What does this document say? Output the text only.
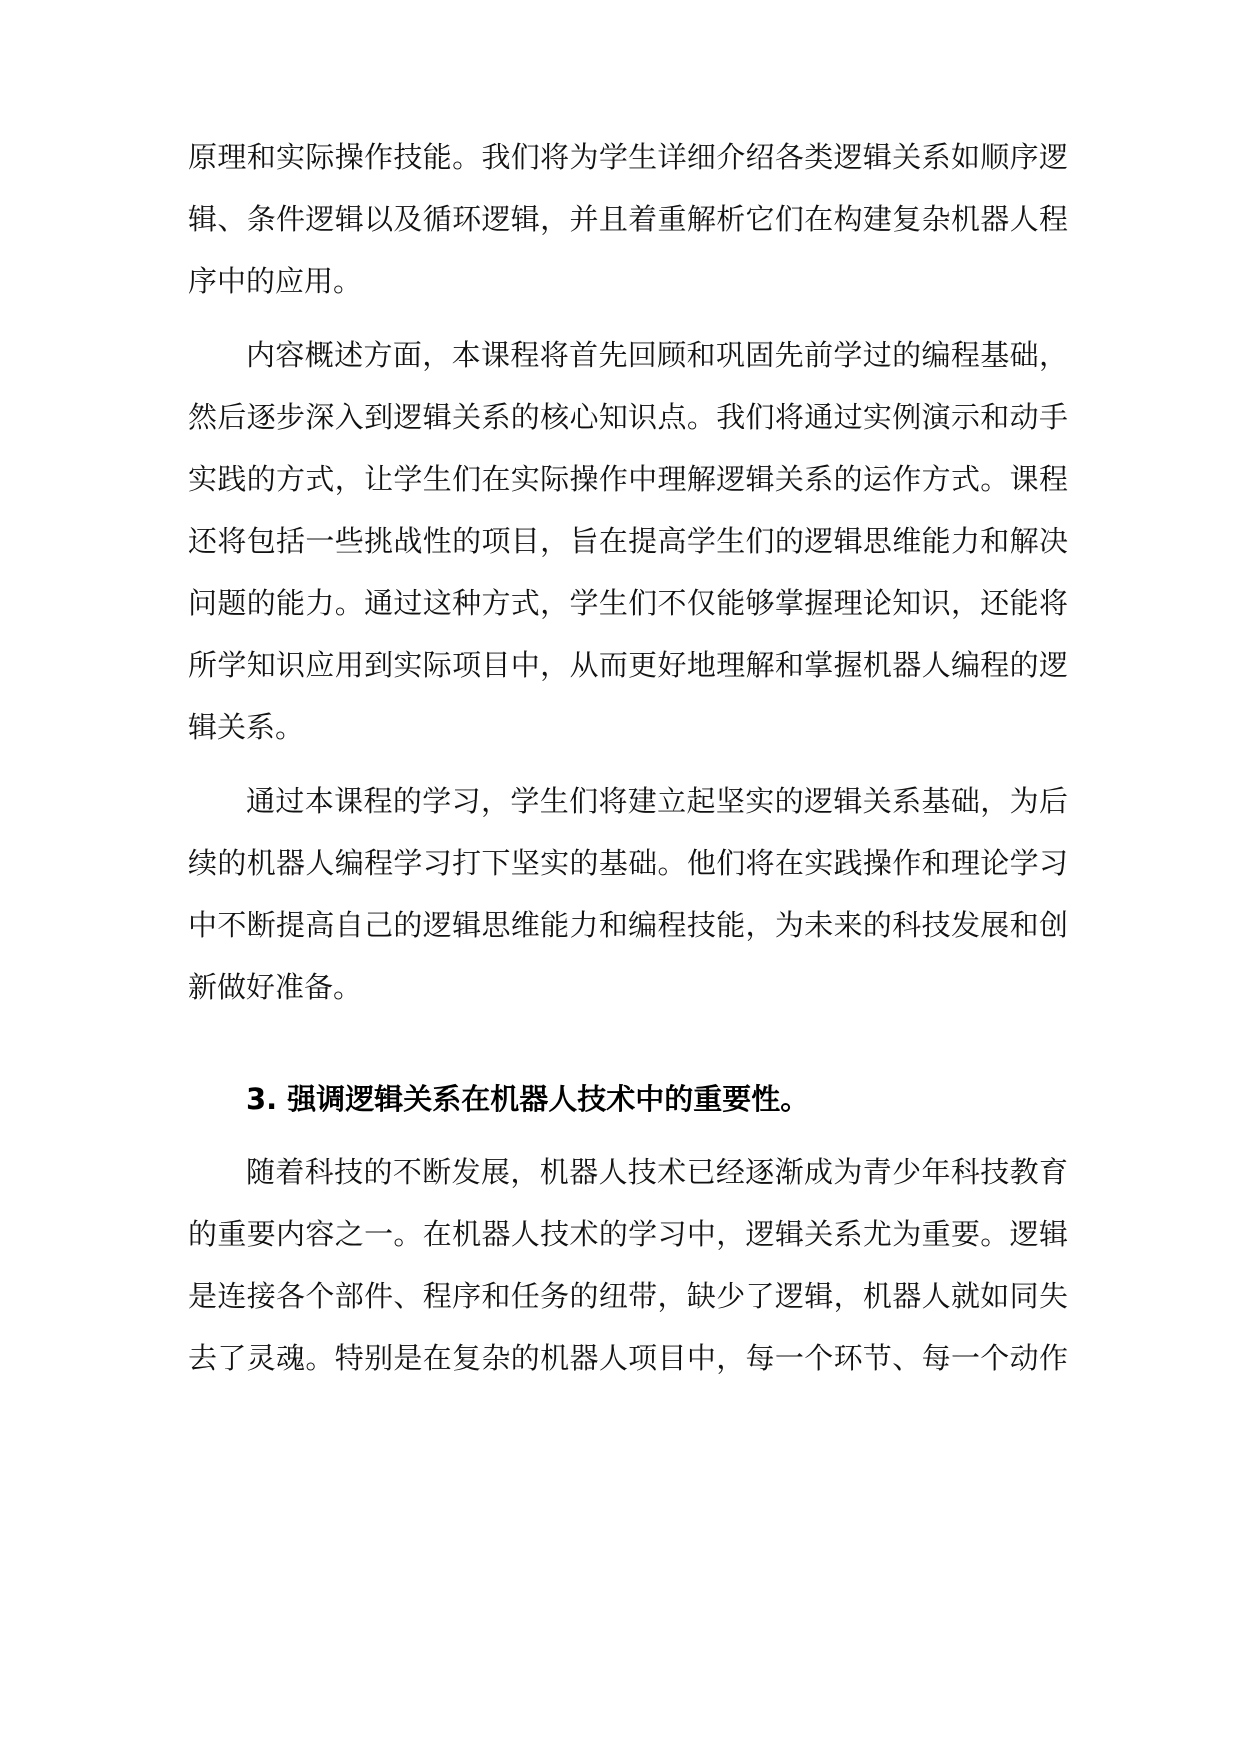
原理和实际操作技能。我们将为学生详细介绍各类逻辑关系如顺序逻
辑、条件逻辑以及循环逻辑，并且着重解析它们在构建复杂机器人程
序中的应用。
内容概述方面，本课程将首先回顾和巩固先前学过的编程基础，
然后逐步深入到逻辑关系的核心知识点。我们将通过实例演示和动手
实践的方式，让学生们在实际操作中理解逻辑关系的运作方式。课程
还将包括一些挑战性的项目，旨在提高学生们的逻辑思维能力和解决
问题的能力。通过这种方式，学生们不仅能够掌握理论知识，还能将
所学知识应用到实际项目中，从而更好地理解和掌握机器人编程的逻
辑关系。
通过本课程的学习，学生们将建立起坚实的逻辑关系基础，为后
续的机器人编程学习打下坚实的基础。他们将在实践操作和理论学习
中不断提高自己的逻辑思维能力和编程技能，为未来的科技发展和创
新做好准备。
3. 强调逻辑关系在机器人技术中的重要性。
随着科技的不断发展，机器人技术已经逐渐成为青少年科技教育
的重要内容之一。在机器人技术的学习中，逻辑关系尤为重要。逻辑
是连接各个部件、程序和任务的纽带，缺少了逻辑，机器人就如同失
去了灵魂。特别是在复杂的机器人项目中，每一个环节、每一个动作
